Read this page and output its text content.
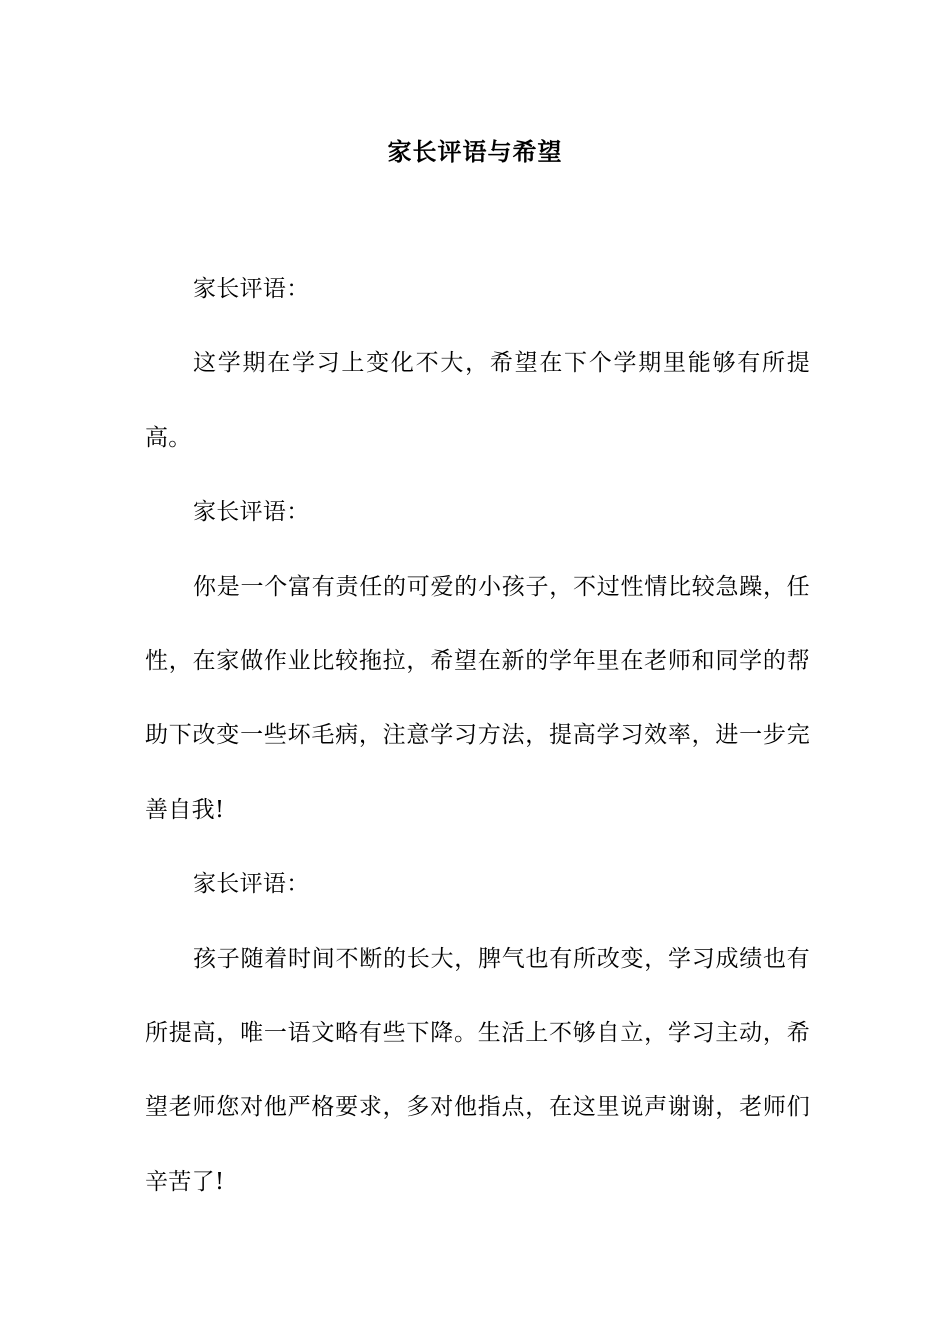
家长评语与希望

家长评语：

这学期在学习上变化不大，希望在下个学期里能够有所提高。

家长评语：

你是一个富有责任的可爱的小孩子，不过性情比较急躁，任性，在家做作业比较拖拉，希望在新的学年里在老师和同学的帮助下改变一些坏毛病，注意学习方法，提高学习效率，进一步完善自我!

家长评语：

孩子随着时间不断的长大，脾气也有所改变，学习成绩也有所提高，唯一语文略有些下降。生活上不够自立，学习主动，希望老师您对他严格要求，多对他指点，在这里说声谢谢，老师们辛苦了!
